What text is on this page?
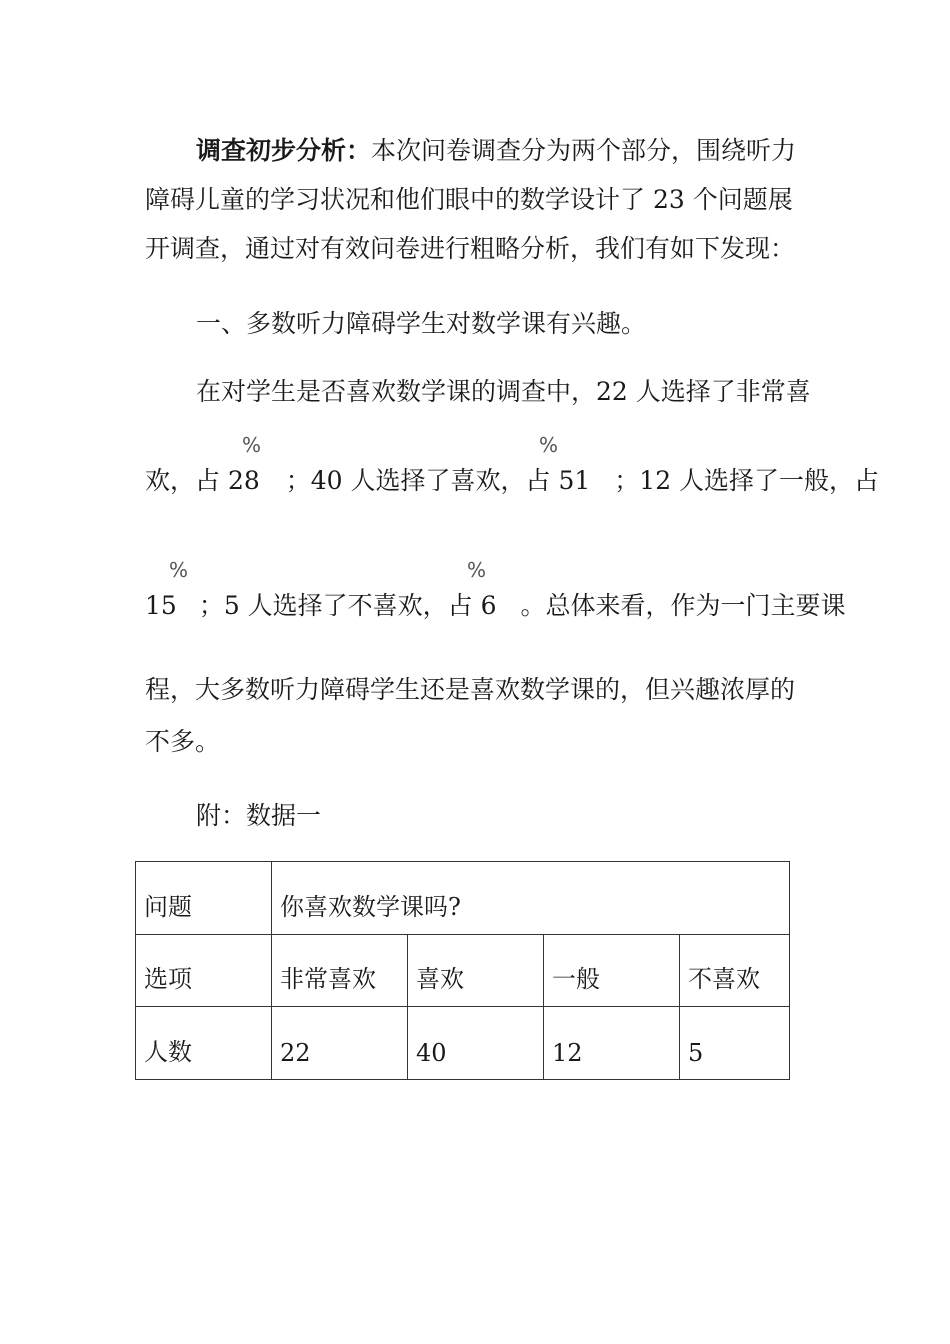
调查初步分析：本次问卷调查分为两个部分，围绕听力
障碍儿童的学习状况和他们眼中的数学设计了 23 个问题展
开调查，通过对有效问卷进行粗略分析，我们有如下发现：
一、多数听力障碍学生对数学课有兴趣。
在对学生是否喜欢数学课的调查中，22 人选择了非常喜
%	%
欢，占 28 ；40 人选择了喜欢，占 51 ；12 人选择了一般，占
%	%
15 ；5 人选择了不喜欢，占 6 。总体来看，作为一门主要课
程，大多数听力障碍学生还是喜欢数学课的，但兴趣浓厚的
不多。
附：数据一
问题	你喜欢数学课吗?			
选项	非常喜欢	喜欢	一般	不喜欢
人数	22	40	12	5
